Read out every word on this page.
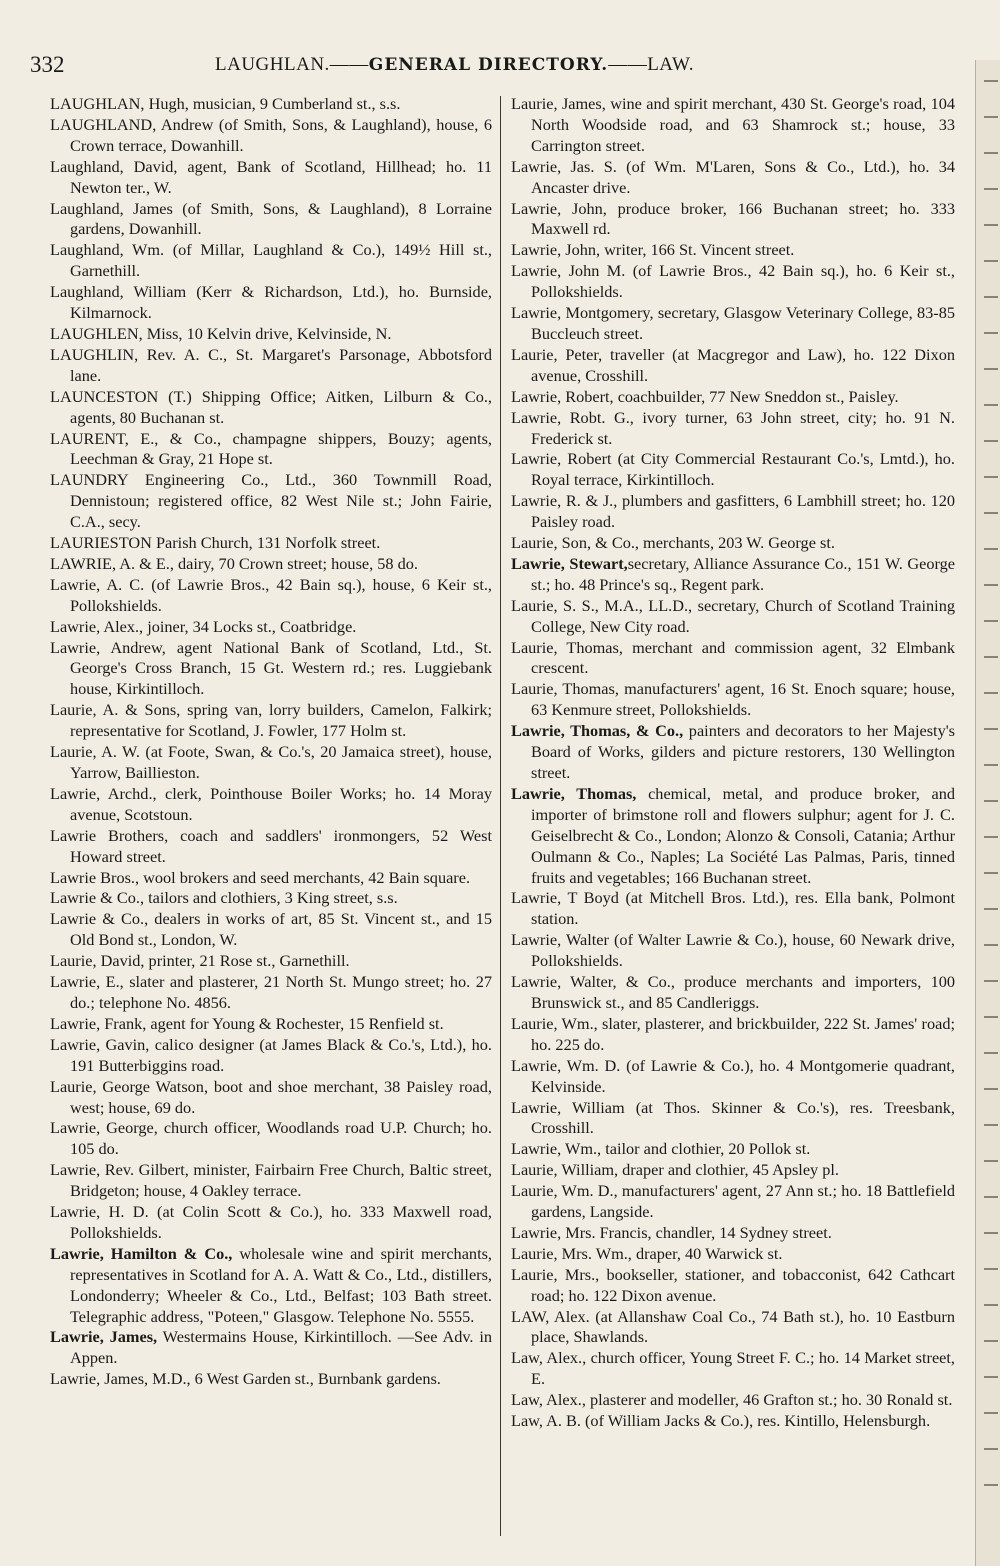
332	LAUGHLAN.——GENERAL DIRECTORY.——LAW.

LAUGHLAN, Hugh, musician, 9 Cumberland st., s.s.

LAUGHLAND, Andrew (of Smith, Sons, & Laughland), house, 6 Crown terrace, Dowanhill.

Laughland, David, agent, Bank of Scotland, Hillhead; ho. 11 Newton ter., W.

Laughland, James (of Smith, Sons, & Laughland), 8 Lorraine gardens, Dowanhill.

Laughland, Wm. (of Millar, Laughland & Co.), 149½ Hill st., Garnethill.

Laughland, William (Kerr & Richardson, Ltd.), ho. Burnside, Kilmarnock.

LAUGHLEN, Miss, 10 Kelvin drive, Kelvinside, N.

LAUGHLIN, Rev. A. C., St. Margaret's Parsonage, Abbotsford lane.

LAUNCESTON (T.) Shipping Office; Aitken, Lilburn & Co., agents, 80 Buchanan st.

LAURENT, E., & Co., champagne shippers, Bouzy; agents, Leechman & Gray, 21 Hope st.

LAUNDRY Engineering Co., Ltd., 360 Townmill Road, Dennistoun; registered office, 82 West Nile st.; John Fairie, C.A., secy.

LAURIESTON Parish Church, 131 Norfolk street.

LAWRIE, A. & E., dairy, 70 Crown street; house, 58 do.

Lawrie, A. C. (of Lawrie Bros., 42 Bain sq.), house, 6 Keir st., Pollokshields.

Lawrie, Alex., joiner, 34 Locks st., Coatbridge.

Lawrie, Andrew, agent National Bank of Scotland, Ltd., St. George's Cross Branch, 15 Gt. Western rd.; res. Luggiebank house, Kirkintilloch.

Laurie, A. & Sons, spring van, lorry builders, Camelon, Falkirk; representative for Scotland, J. Fowler, 177 Holm st.

Laurie, A. W. (at Foote, Swan, & Co.'s, 20 Jamaica street), house, Yarrow, Baillieston.

Lawrie, Archd., clerk, Pointhouse Boiler Works; ho. 14 Moray avenue, Scotstoun.

Lawrie Brothers, coach and saddlers' ironmongers, 52 West Howard street.

Lawrie Bros., wool brokers and seed merchants, 42 Bain square.

Lawrie & Co., tailors and clothiers, 3 King street, s.s.

Lawrie & Co., dealers in works of art, 85 St. Vincent st., and 15 Old Bond st., London, W.

Laurie, David, printer, 21 Rose st., Garnethill.

Lawrie, E., slater and plasterer, 21 North St. Mungo street; ho. 27 do.; telephone No. 4856.

Lawrie, Frank, agent for Young & Rochester, 15 Renfield st.

Lawrie, Gavin, calico designer (at James Black & Co.'s, Ltd.), ho. 191 Butterbiggins road.

Laurie, George Watson, boot and shoe merchant, 38 Paisley road, west; house, 69 do.

Lawrie, George, church officer, Woodlands road U.P. Church; ho. 105 do.

Lawrie, Rev. Gilbert, minister, Fairbairn Free Church, Baltic street, Bridgeton; house, 4 Oakley terrace.

Lawrie, H. D. (at Colin Scott & Co.), ho. 333 Maxwell road, Pollokshields.

Lawrie, Hamilton & Co., wholesale wine and spirit merchants, representatives in Scotland for A. A. Watt & Co., Ltd., distillers, Londonderry; Wheeler & Co., Ltd., Belfast; 103 Bath street. Telegraphic address, "Poteen," Glasgow. Telephone No. 5555.

Lawrie, James, Westermains House, Kirkintilloch. —See Adv. in Appen.

Lawrie, James, M.D., 6 West Garden st., Burnbank gardens.

Laurie, James, wine and spirit merchant, 430 St. George's road, 104 North Woodside road, and 63 Shamrock st.; house, 33 Carrington street.

Lawrie, Jas. S. (of Wm. M'Laren, Sons & Co., Ltd.), ho. 34 Ancaster drive.

Lawrie, John, produce broker, 166 Buchanan street; ho. 333 Maxwell rd.

Lawrie, John, writer, 166 St. Vincent street.

Lawrie, John M. (of Lawrie Bros., 42 Bain sq.), ho. 6 Keir st., Pollokshields.

Lawrie, Montgomery, secretary, Glasgow Veterinary College, 83-85 Buccleuch street.

Laurie, Peter, traveller (at Macgregor and Law), ho. 122 Dixon avenue, Crosshill.

Lawrie, Robert, coachbuilder, 77 New Sneddon st., Paisley.

Lawrie, Robt. G., ivory turner, 63 John street, city; ho. 91 N. Frederick st.

Lawrie, Robert (at City Commercial Restaurant Co.'s, Lmtd.), ho. Royal terrace, Kirkintilloch.

Lawrie, R. & J., plumbers and gasfitters, 6 Lambhill street; ho. 120 Paisley road.

Laurie, Son, & Co., merchants, 203 W. George st.

Lawrie, Stewart,secretary, Alliance Assurance Co., 151 W. George st.; ho. 48 Prince's sq., Regent park.

Laurie, S. S., M.A., LL.D., secretary, Church of Scotland Training College, New City road.

Laurie, Thomas, merchant and commission agent, 32 Elmbank crescent.

Laurie, Thomas, manufacturers' agent, 16 St. Enoch square; house, 63 Kenmure street, Pollokshields.

Lawrie, Thomas, & Co., painters and decorators to her Majesty's Board of Works, gilders and picture restorers, 130 Wellington street.

Lawrie, Thomas, chemical, metal, and produce broker, and importer of brimstone roll and flowers sulphur; agent for J. C. Geiselbrecht & Co., London; Alonzo & Consoli, Catania; Arthur Oulmann & Co., Naples; La Société Las Palmas, Paris, tinned fruits and vegetables; 166 Buchanan street.

Lawrie, T Boyd (at Mitchell Bros. Ltd.), res. Ella bank, Polmont station.

Lawrie, Walter (of Walter Lawrie & Co.), house, 60 Newark drive, Pollokshields.

Lawrie, Walter, & Co., produce merchants and importers, 100 Brunswick st., and 85 Candleriggs.

Laurie, Wm., slater, plasterer, and brickbuilder, 222 St. James' road; ho. 225 do.

Lawrie, Wm. D. (of Lawrie & Co.), ho. 4 Montgomerie quadrant, Kelvinside.

Lawrie, William (at Thos. Skinner & Co.'s), res. Treesbank, Crosshill.

Lawrie, Wm., tailor and clothier, 20 Pollok st.

Laurie, William, draper and clothier, 45 Apsley pl.

Laurie, Wm. D., manufacturers' agent, 27 Ann st.; ho. 18 Battlefield gardens, Langside.

Lawrie, Mrs. Francis, chandler, 14 Sydney street.

Laurie, Mrs. Wm., draper, 40 Warwick st.

Laurie, Mrs., bookseller, stationer, and tobacconist, 642 Cathcart road; ho. 122 Dixon avenue.

LAW, Alex. (at Allanshaw Coal Co., 74 Bath st.), ho. 10 Eastburn place, Shawlands.

Law, Alex., church officer, Young Street F. C.; ho. 14 Market street, E.

Law, Alex., plasterer and modeller, 46 Grafton st.; ho. 30 Ronald st.

Law, A. B. (of William Jacks & Co.), res. Kintillo, Helensburgh.
